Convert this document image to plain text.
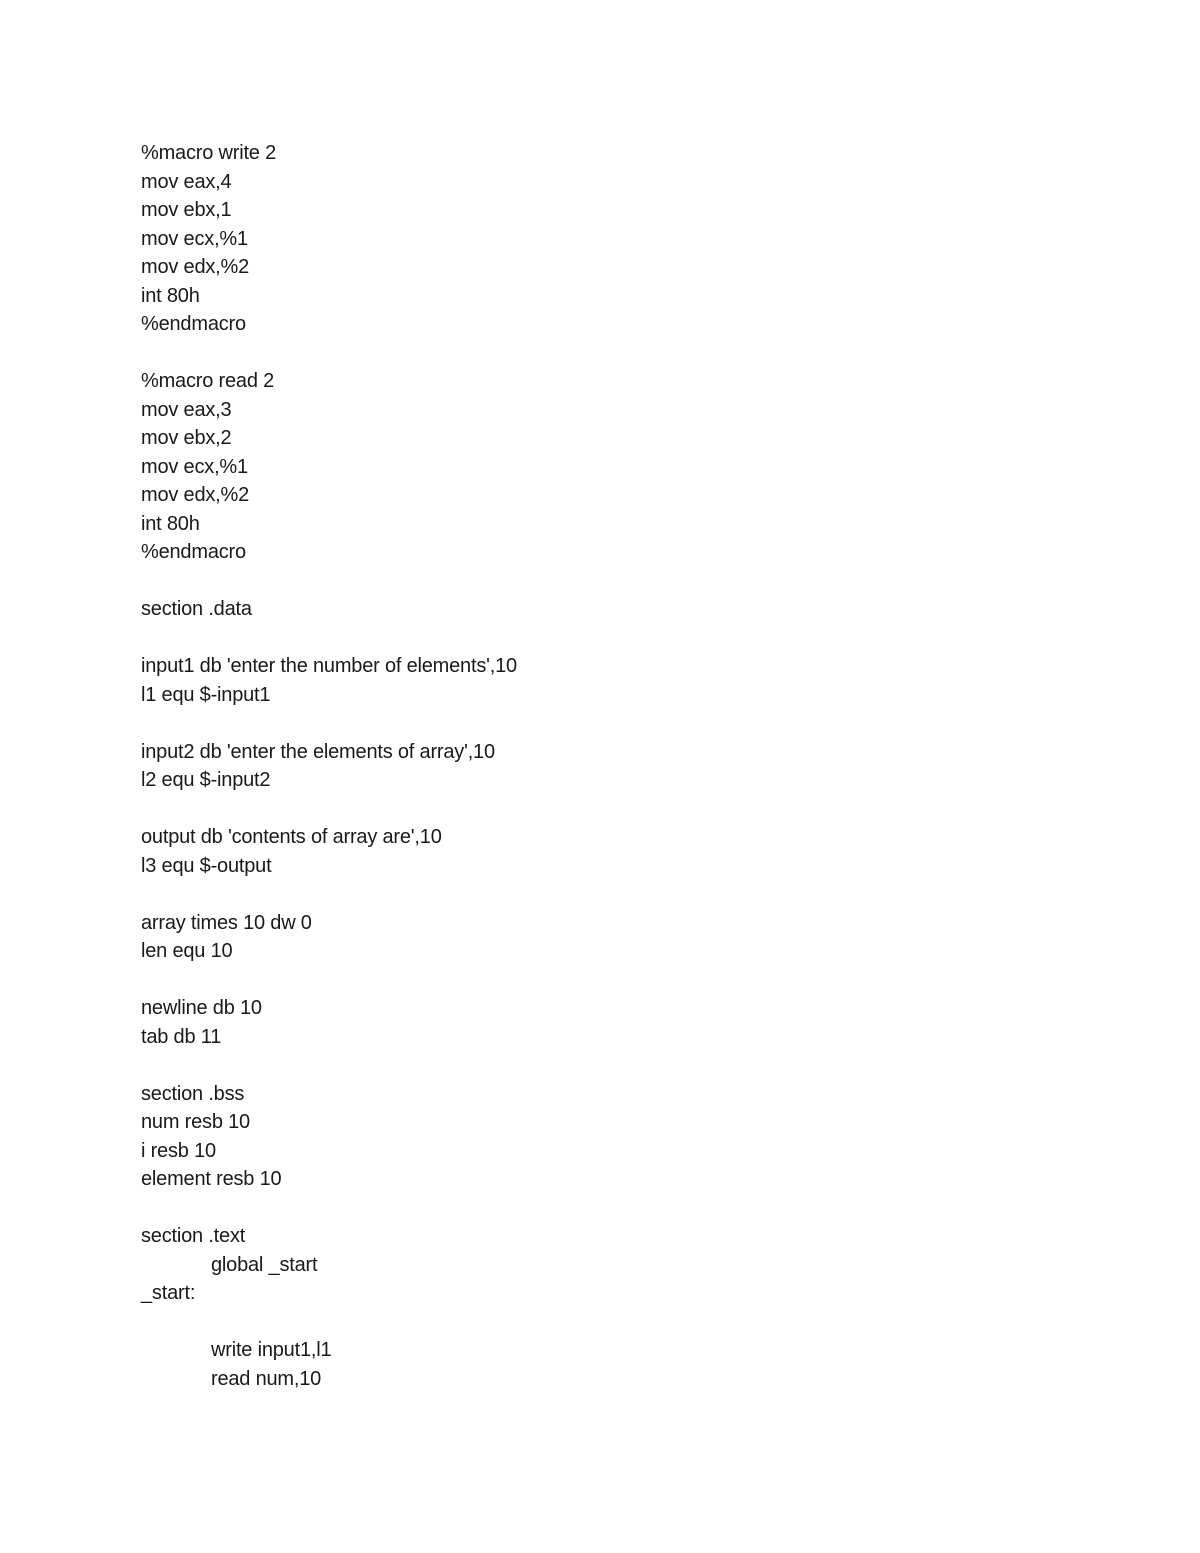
%macro write 2
mov eax,4
mov ebx,1
mov ecx,%1
mov edx,%2
int 80h
%endmacro
%macro read 2
mov eax,3
mov ebx,2
mov ecx,%1
mov edx,%2
int 80h
%endmacro
section .data
input1 db 'enter the number of elements',10
l1 equ $-input1
input2 db 'enter the elements of array',10
l2 equ $-input2
output db 'contents of array are',10
l3 equ $-output
array times 10 dw 0
len equ 10
newline db 10
tab db 11
section .bss
num resb 10
i resb 10
element resb 10
section .text
global _start
_start:
write input1,l1
read num,10
